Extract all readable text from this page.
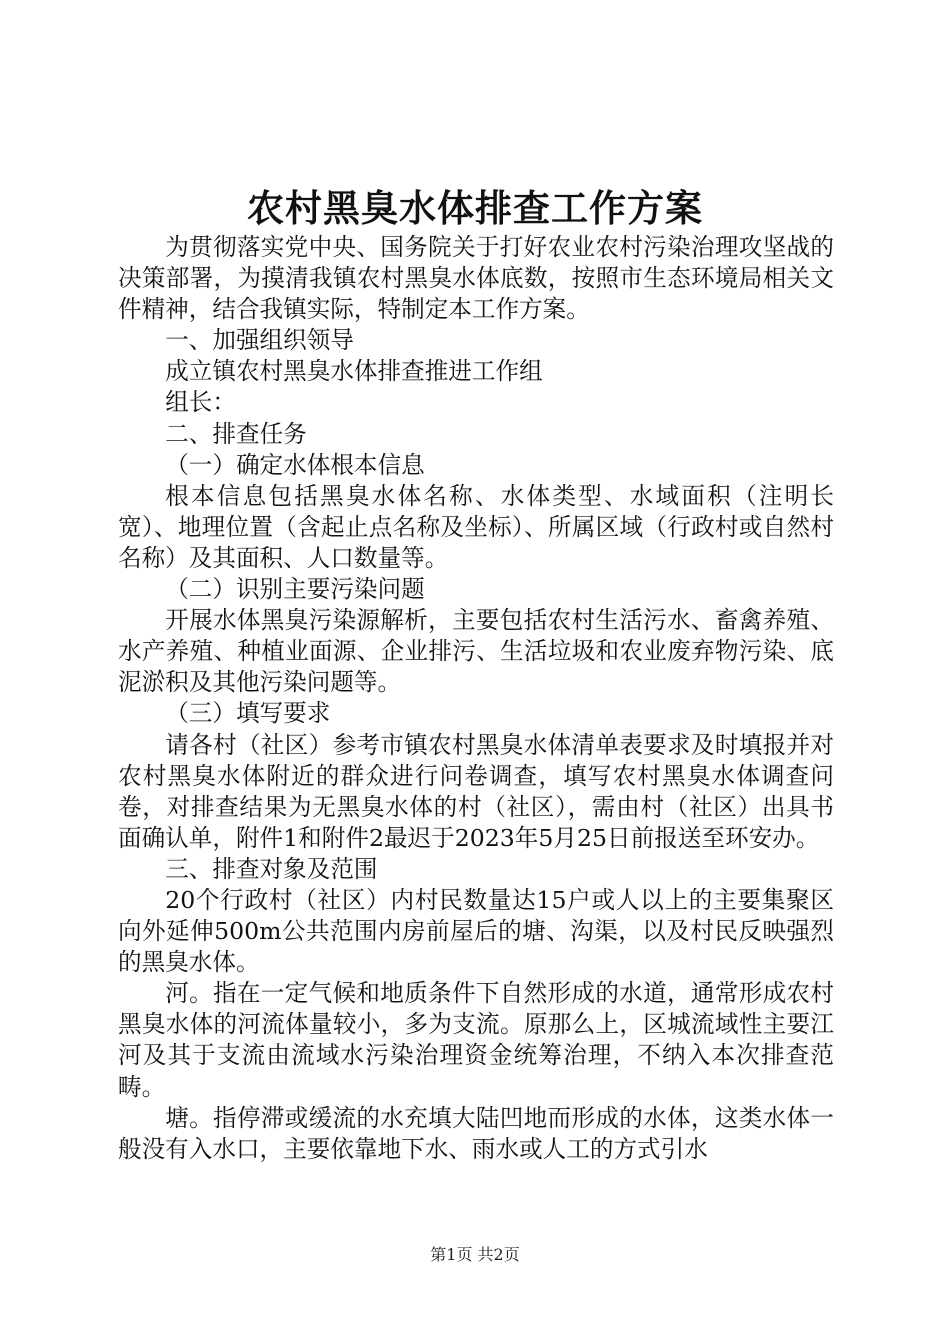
农村黑臭水体排查工作方案

为贯彻落实党中央、国务院关于打好农业农村污染治理攻坚战的决策部署，为摸清我镇农村黑臭水体底数，按照市生态环境局相关文件精神，结合我镇实际，特制定本工作方案。

一、加强组织领导

成立镇农村黑臭水体排查推进工作组

组长：

二、排查任务

（一）确定水体根本信息

根本信息包括黑臭水体名称、水体类型、水域面积（注明长宽）、地理位置（含起止点名称及坐标）、所属区域（行政村或自然村名称）及其面积、人口数量等。

（二）识别主要污染问题

开展水体黑臭污染源解析，主要包括农村生活污水、畜禽养殖、水产养殖、种植业面源、企业排污、生活垃圾和农业废弃物污染、底泥淤积及其他污染问题等。

（三）填写要求

请各村（社区）参考市镇农村黑臭水体清单表要求及时填报并对农村黑臭水体附近的群众进行问卷调查，填写农村黑臭水体调查问卷，对排查结果为无黑臭水体的村（社区），需由村（社区）出具书面确认单，附件1和附件2最迟于2023年5月25日前报送至环安办。

三、排查对象及范围

20个行政村（社区）内村民数量达15户或人以上的主要集聚区向外延伸500m公共范围内房前屋后的塘、沟渠，以及村民反映强烈的黑臭水体。

河。指在一定气候和地质条件下自然形成的水道，通常形成农村黑臭水体的河流体量较小，多为支流。原那么上，区城流域性主要江河及其于支流由流域水污染治理资金统筹治理，不纳入本次排查范畴。

塘。指停滞或缓流的水充填大陆凹地而形成的水体，这类水体一般没有入水口，主要依靠地下水、雨水或人工的方式引水

第1页 共2页
